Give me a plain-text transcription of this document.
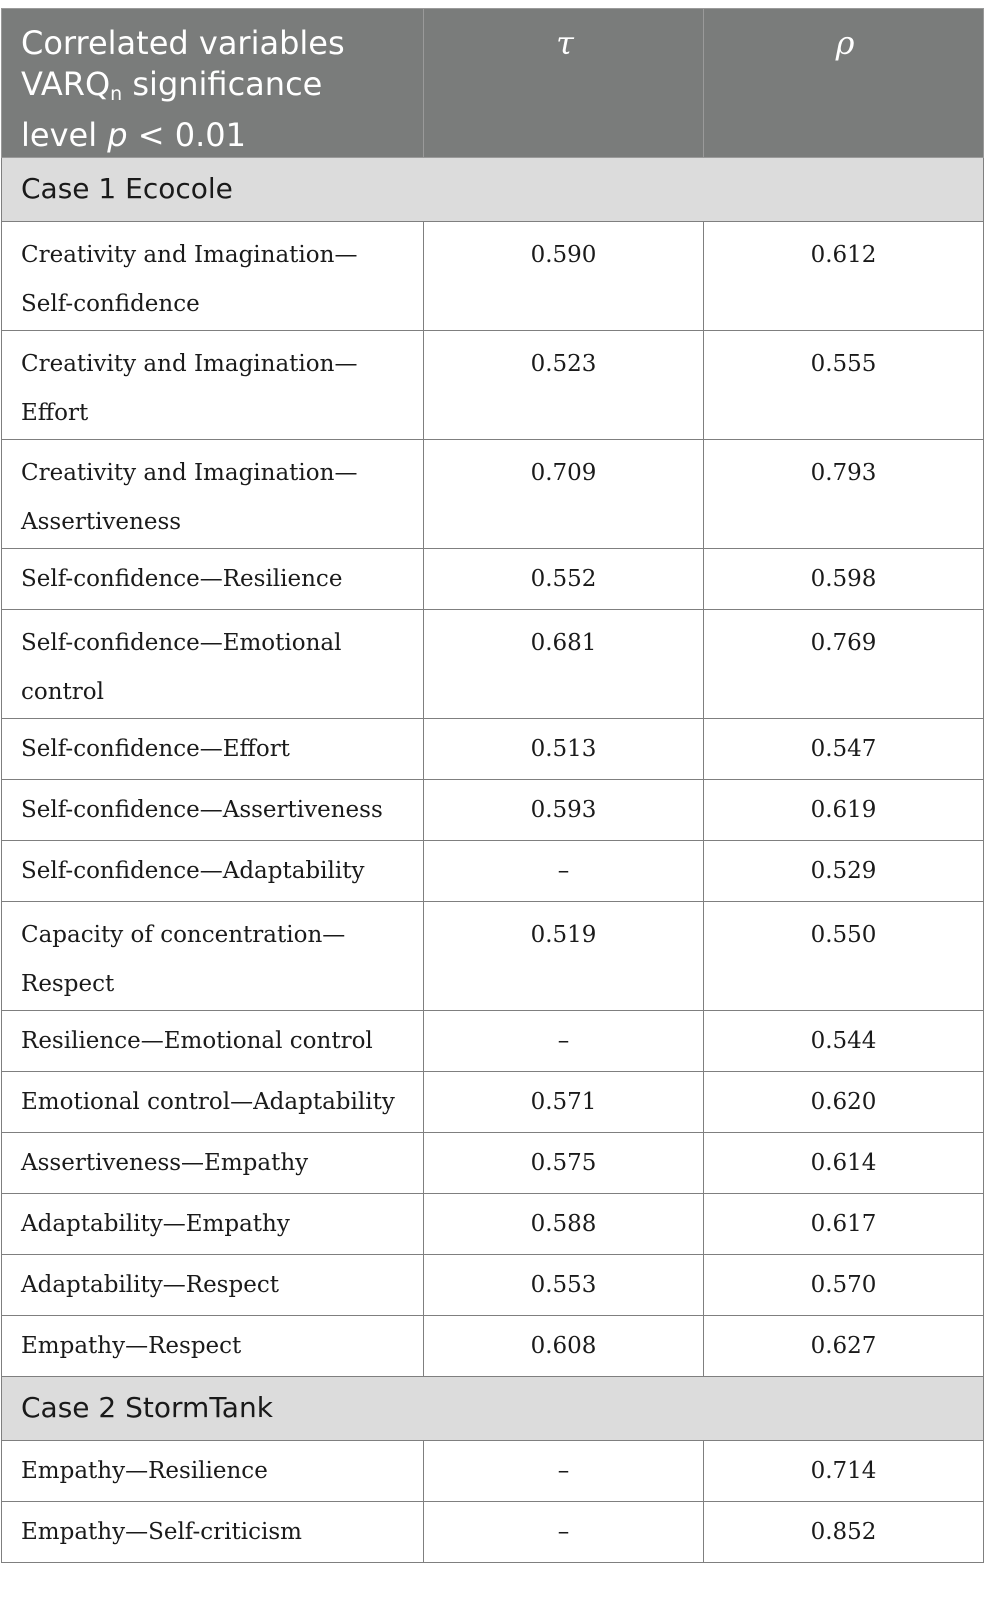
Correlated variables
$VARQ_n$ significance
level p < 0.01	τ	ρ
Case 1 Ecocole		
Creativity and Imagination—
Self-confidence	0.590	0.612
Creativity and Imagination—
Effort	0.523	0.555
Creativity and Imagination—
Assertiveness	0.709	0.793
Self-confidence—Resilience	0.552	0.598
Self-confidence—Emotional
control	0.681	0.769
Self-confidence—Effort	0.513	0.547
Self-confidence—Assertiveness	0.593	0.619
Self-confidence—Adaptability	–	0.529
Capacity of concentration—
Respect	0.519	0.550
Resilience—Emotional control	–	0.544
Emotional control—Adaptability	0.571	0.620
Assertiveness—Empathy	0.575	0.614
Adaptability—Empathy	0.588	0.617
Adaptability—Respect	0.553	0.570
Empathy—Respect	0.608	0.627
Case 2 StormTank		
Empathy—Resilience	–	0.714
Empathy—Self-criticism	–	0.852
